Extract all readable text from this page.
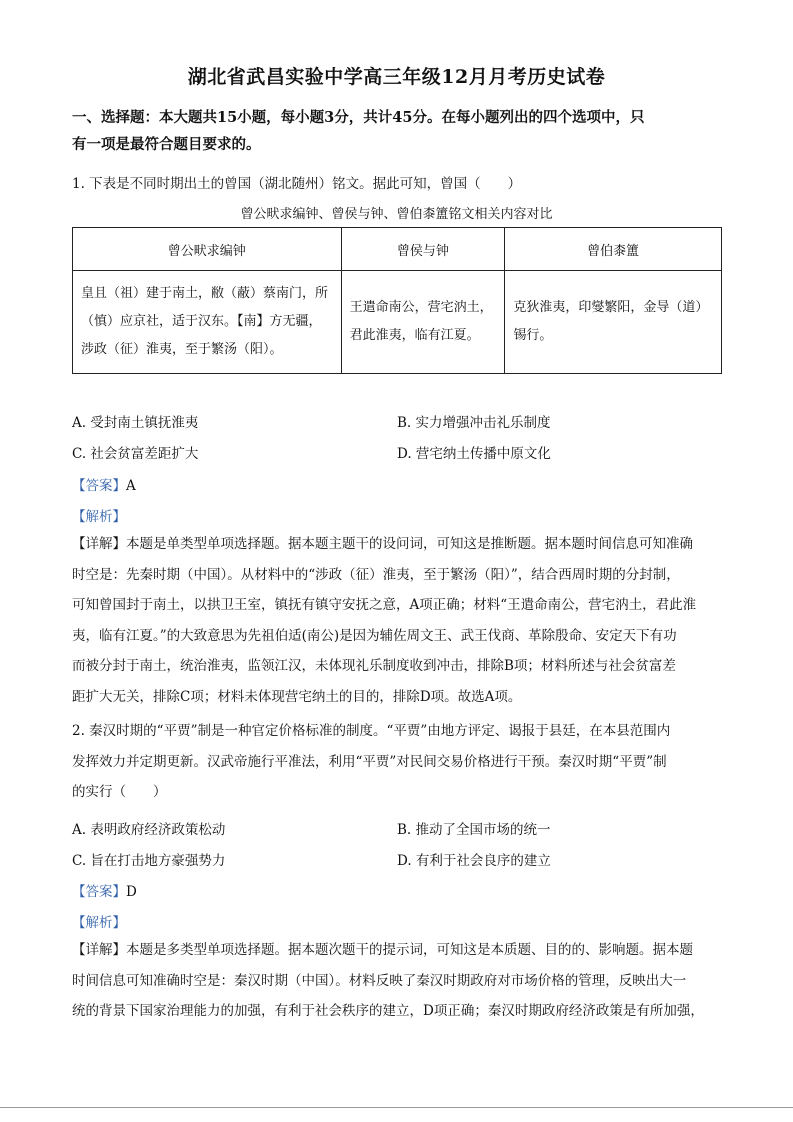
湖北省武昌实验中学高三年级12月月考历史试卷
一、选择题：本大题共15小题，每小题3分，共计45分。在每小题列出的四个选项中，只
有一项是最符合题目要求的。
1. 下表是不同时期出土的曾国（湖北随州）铭文。据此可知，曾国（　　）
曾公畎求编钟、曾侯与钟、曾伯桼簠铭文相关内容对比
曾公畎求编钟	曾侯与钟	曾伯桼簠
皇且（祖）建于南土，敝（蔽）蔡南门，所（慎）应京社，适于汉东。【南】方无疆，涉政（征）淮夷，至于繁汤（阳）。	王遣命南公，营宅汭土，君此淮夷，临有江夏。	克狄淮夷，印燮繁阳，金导（道）锡行。
A. 受封南土镇抚淮夷	B. 实力增强冲击礼乐制度
C. 社会贫富差距扩大	D. 营宅纳土传播中原文化
【答案】A
【解析】
【详解】本题是单类型单项选择题。据本题主题干的设问词，可知这是推断题。据本题时间信息可知准确
时空是：先秦时期（中国）。从材料中的“涉政（征）淮夷，至于繁汤（阳）”，结合西周时期的分封制，
可知曾国封于南土，以拱卫王室，镇抚有镇守安抚之意，A项正确；材料“王遣命南公，营宅汭土，君此淮
夷，临有江夏。”的大致意思为先祖伯适(南公)是因为辅佐周文王、武王伐商、革除殷命、安定天下有功
而被分封于南土，统治淮夷，监领江汉，未体现礼乐制度收到冲击，排除B项；材料所述与社会贫富差
距扩大无关，排除C项；材料未体现营宅纳土的目的，排除D项。故选A项。
2. 秦汉时期的“平贾”制是一种官定价格标准的制度。“平贾”由地方评定、谒报于县廷，在本县范围内
发挥效力并定期更新。汉武帝施行平准法，利用“平贾”对民间交易价格进行干预。秦汉时期“平贾”制
的实行（　　）
A. 表明政府经济政策松动	B. 推动了全国市场的统一
C. 旨在打击地方豪强势力	D. 有利于社会良序的建立
【答案】D
【解析】
【详解】本题是多类型单项选择题。据本题次题干的提示词，可知这是本质题、目的的、影响题。据本题
时间信息可知准确时空是：秦汉时期（中国）。材料反映了秦汉时期政府对市场价格的管理，反映出大一
统的背景下国家治理能力的加强，有利于社会秩序的建立，D项正确；秦汉时期政府经济政策是有所加强，
